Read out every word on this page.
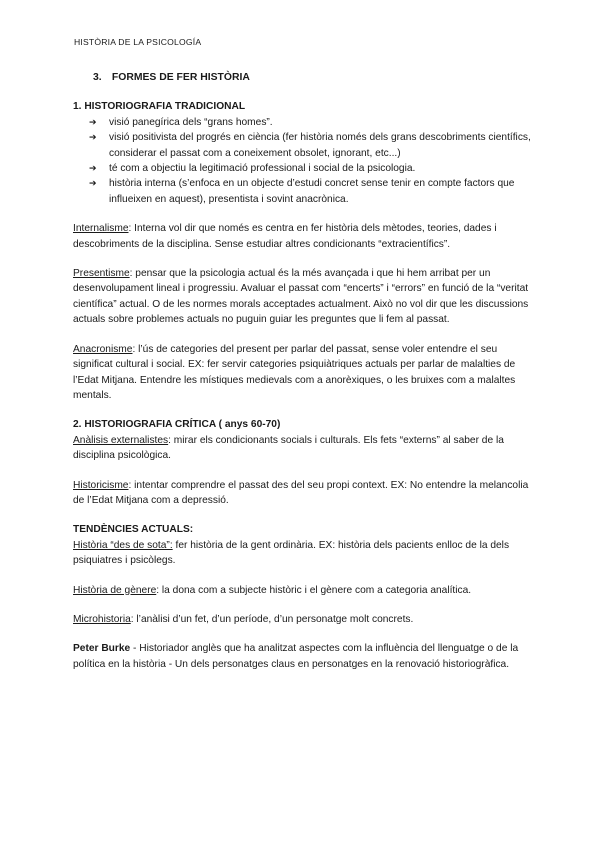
HISTÒRIA DE LA PSICOLOGÍA
3. FORMES DE FER HISTÒRIA
1. HISTORIOGRAFIA TRADICIONAL
➔ visió panegírica dels “grans homes”.
➔ visió positivista del progrés en ciència (fer història només dels grans descobriments científics, considerar el passat com a coneixement obsolet, ignorant, etc...)
➔ té com a objectiu la legitimació professional i social de la psicologia.
➔ història interna (s’enfoca en un objecte d’estudi concret sense tenir en compte factors que influeixen en aquest), presentista i sovint anacrònica.

Internalisme: Interna vol dir que només es centra en fer història dels mètodes, teories, dades i descobriments de la disciplina. Sense estudiar altres condicionants “extracientífics”.

Presentisme: pensar que la psicologia actual és la més avançada i que hi hem arribat per un desenvolupament lineal i progressiu. Avaluar el passat com “encerts” i “errors” en funció de la “veritat científica” actual. O de les normes morals acceptades actualment. Això no vol dir que les discussions actuals sobre problemes actuals no puguin guiar les preguntes que li fem al passat.

Anacronisme: l’ús de categories del present per parlar del passat, sense voler entendre el seu significat cultural i social. EX: fer servir categories psiquiàtriques actuals per parlar de malalties de l’Edat Mitjana. Entendre les místiques medievals com a anorèxiques, o les bruixes com a malaltes mentals.

2. HISTORIOGRAFIA CRÍTICA ( anys 60-70)

Anàlisis externalistes: mirar els condicionants socials i culturals. Els fets “externs” al saber de la disciplina psicològica.

Historicisme: intentar comprendre el passat des del seu propi context. EX: No entendre la melancolia de l’Edat Mitjana com a depressió.

TENDÈNCIES ACTUALS:

Història “des de sota”: fer història de la gent ordinària. EX: història dels pacients enlloc de la dels psiquiatres i psicòlegs.

Història de gènere: la dona com a subjecte històric i el gènere com a categoria analítica.

Microhistoria: l’anàlisi d’un fet, d’un període, d’un personatge molt concrets.

Peter Burke - Historiador anglès que ha analitzat aspectes com la influència del llenguatge o de la política en la història - Un dels personatges claus en personatges en la renovació historiogràfica.
